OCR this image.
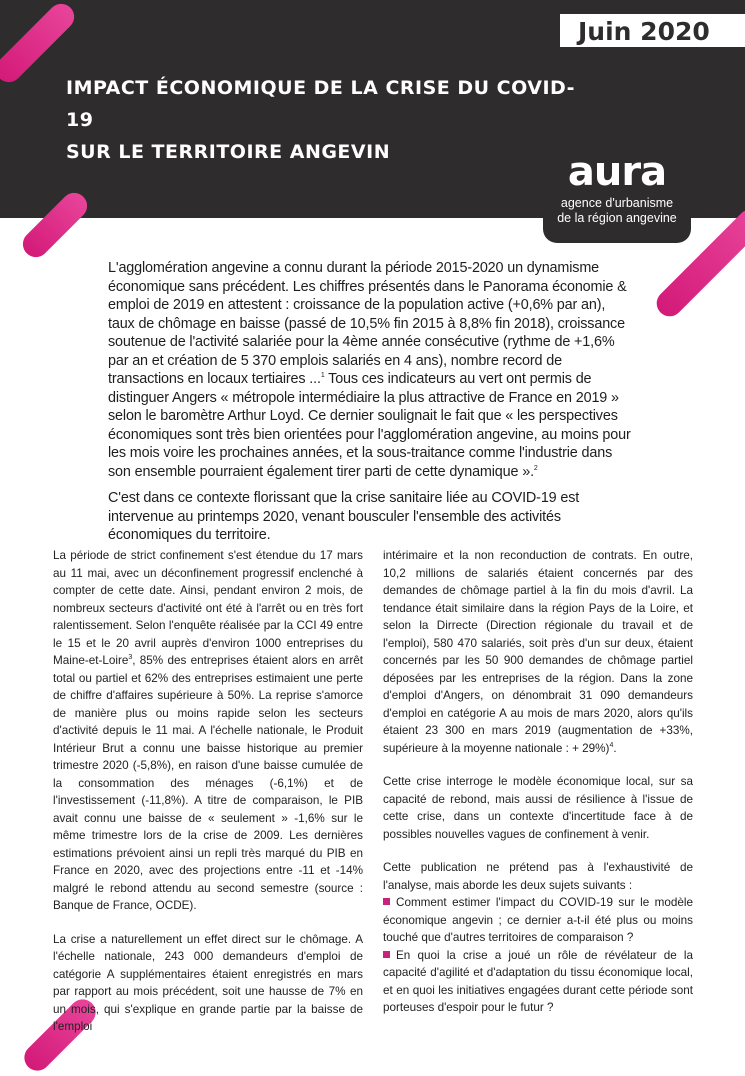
Juin 2020
IMPACT ÉCONOMIQUE DE LA CRISE DU COVID-19
SUR LE TERRITOIRE ANGEVIN	aura
agence d'urbanisme
de la région angevine

L'agglomération angevine a connu durant la période 2015-2020 un dynamisme économique sans précédent. Les chiffres présentés dans le Panorama économie & emploi de 2019 en attestent : croissance de la population active (+0,6% par an), taux de chômage en baisse (passé de 10,5% fin 2015 à 8,8% fin 2018), croissance soutenue de l'activité salariée pour la 4ème année consécutive (rythme de +1,6% par an et création de 5 370 emplois salariés en 4 ans), nombre record de transactions en locaux tertiaires ...$^1$ Tous ces indicateurs au vert ont permis de distinguer Angers « métropole intermédiaire la plus attractive de France en 2019 » selon le baromètre Arthur Loyd. Ce dernier soulignait le fait que « les perspectives économiques sont très bien orientées pour l'agglomération angevine, au moins pour les mois voire les prochaines années, et la sous-traitance comme l'industrie dans son ensemble pourraient également tirer parti de cette dynamique ».$^2$

C'est dans ce contexte florissant que la crise sanitaire liée au COVID-19 est intervenue au printemps 2020, venant bousculer l'ensemble des activités économiques du territoire.

La période de strict confinement s'est étendue du 17 mars au 11 mai, avec un déconfinement progressif enclenché à compter de cette date. Ainsi, pendant environ 2 mois, de nombreux secteurs d'activité ont été à l'arrêt ou en très fort ralentissement. Selon l'enquête réalisée par la CCI 49 entre le 15 et le 20 avril auprès d'environ 1000 entreprises du Maine-et-Loire$^3$, 85% des entreprises étaient alors en arrêt total ou partiel et 62% des entreprises estimaient une perte de chiffre d'affaires supérieure à 50%. La reprise s'amorce de manière plus ou moins rapide selon les secteurs d'activité depuis le 11 mai. A l'échelle nationale, le Produit Intérieur Brut a connu une baisse historique au premier trimestre 2020 (-5,8%), en raison d'une baisse cumulée de la consommation des ménages (-6,1%) et de l'investissement (-11,8%). A titre de comparaison, le PIB avait connu une baisse de « seulement » -1,6% sur le même trimestre lors de la crise de 2009. Les dernières estimations prévoient ainsi un repli très marqué du PIB en France en 2020, avec des projections entre -11 et -14% malgré le rebond attendu au second semestre (source : Banque de France, OCDE).

La crise a naturellement un effet direct sur le chômage. A l'échelle nationale, 243 000 demandeurs d'emploi de catégorie A supplémentaires étaient enregistrés en mars par rapport au mois précédent, soit une hausse de 7% en un mois, qui s'explique en grande partie par la baisse de l'emploi

intérimaire et la non reconduction de contrats. En outre, 10,2 millions de salariés étaient concernés par des demandes de chômage partiel à la fin du mois d'avril. La tendance était similaire dans la région Pays de la Loire, et selon la Dirrecte (Direction régionale du travail et de l'emploi), 580 470 salariés, soit près d'un sur deux, étaient concernés par les 50 900 demandes de chômage partiel déposées par les entreprises de la région. Dans la zone d'emploi d'Angers, on dénombrait 31 090 demandeurs d'emploi en catégorie A au mois de mars 2020, alors qu'ils étaient 23 300 en mars 2019 (augmentation de +33%, supérieure à la moyenne nationale : + 29%)$^4$.

Cette crise interroge le modèle économique local, sur sa capacité de rebond, mais aussi de résilience à l'issue de cette crise, dans un contexte d'incertitude face à de possibles nouvelles vagues de confinement à venir.

Cette publication ne prétend pas à l'exhaustivité de l'analyse, mais aborde les deux sujets suivants :
Comment estimer l'impact du COVID-19 sur le modèle économique angevin ; ce dernier a-t-il été plus ou moins touché que d'autres territoires de comparaison ?
En quoi la crise a joué un rôle de révélateur de la capacité d'agilité et d'adaptation du tissu économique local, et en quoi les initiatives engagées durant cette période sont porteuses d'espoir pour le futur ?
